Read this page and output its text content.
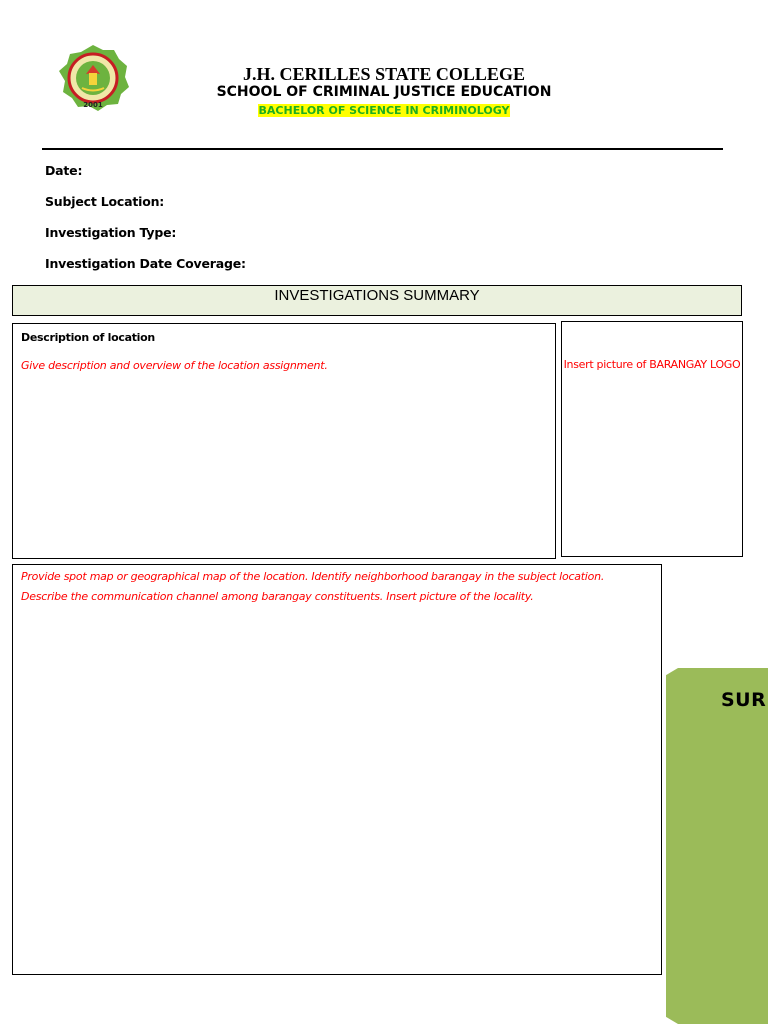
2001
J.H. CERILLES STATE COLLEGE
SCHOOL OF CRIMINAL JUSTICE EDUCATION
BACHELOR OF SCIENCE IN CRIMINOLOGY
Date:
Subject Location:
Investigation Type:
Investigation Date Coverage:
INVESTIGATIONS SUMMARY
Description of location
Give description and overview of the location assignment.	Insert picture of BARANGAY LOGO
Provide spot map or geographical map of the location. Identify neighborhood barangay in the subject location.
Describe the communication channel among barangay constituents. Insert picture of the locality.
SUR
